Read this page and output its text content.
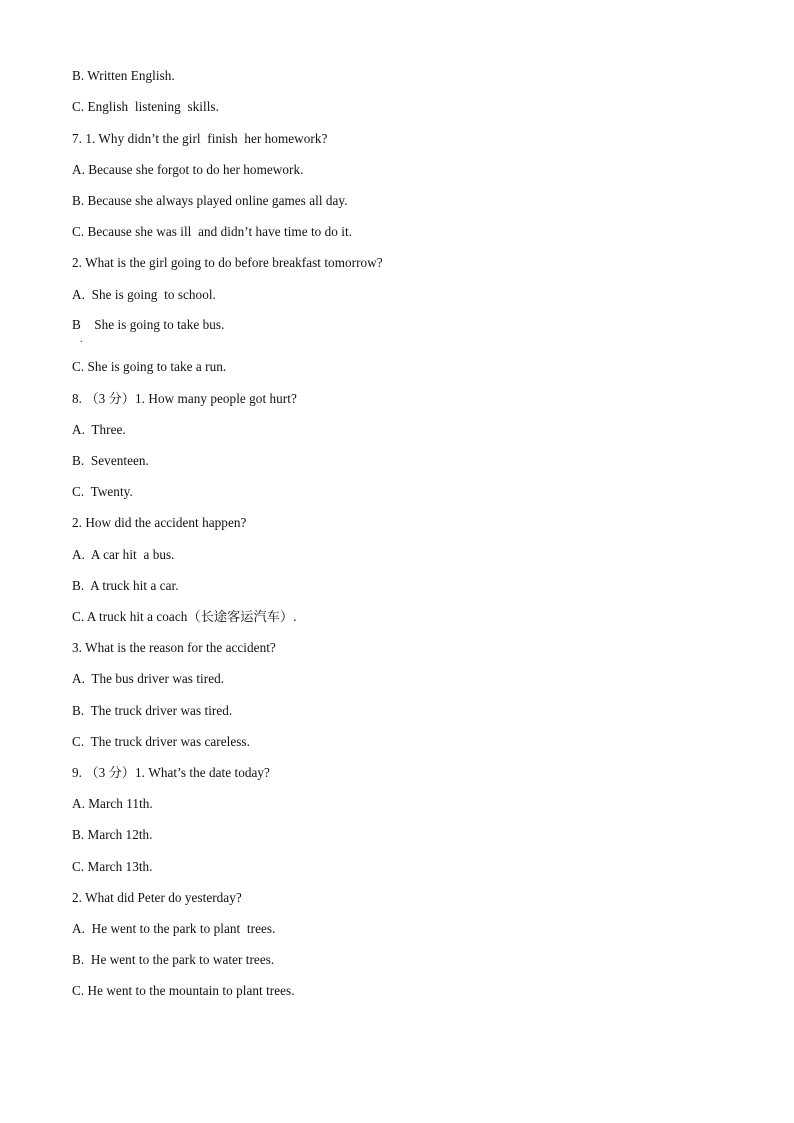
B. Written English.
C. English  listening  skills.
7. 1. Why didn’t the girl  finish  her homework?
A. Because she forgot to do her homework.
B. Because she always played online games all day.
C. Because she was ill  and didn’t have time to do it.
2. What is the girl going to do before breakfast tomorrow?
A.  She is going  to school.
B    She is going to take bus.
.
C. She is going to take a run.
8. （3 分）1. How many people got hurt?
A.  Three.
B.  Seventeen.
C.  Twenty.
2. How did the accident happen?
A.  A car hit  a bus.
B.  A truck hit a car.
C. A truck hit a coach（长途客运汽车）.
3. What is the reason for the accident?
A.  The bus driver was tired.
B.  The truck driver was tired.
C.  The truck driver was careless.
9. （3 分）1. What’s the date today?
A. March 11th.
B. March 12th.
C. March 13th.
2. What did Peter do yesterday?
A.  He went to the park to plant  trees.
B.  He went to the park to water trees.
C. He went to the mountain to plant trees.
